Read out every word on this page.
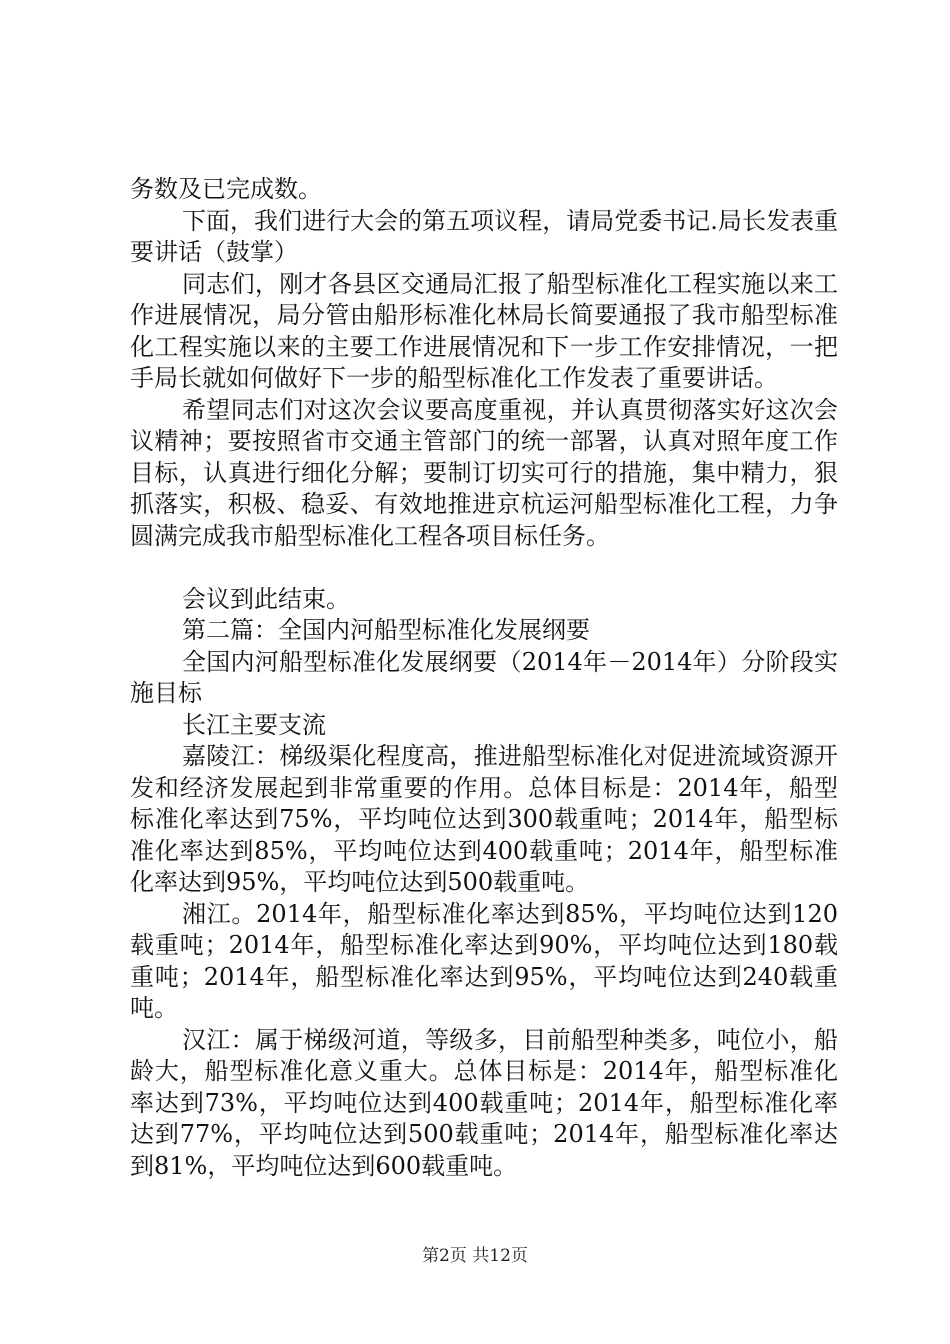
务数及已完成数。

下面，我们进行大会的第五项议程，请局党委书记.局长发表重要讲话（鼓掌）

同志们，刚才各县区交通局汇报了船型标准化工程实施以来工作进展情况，局分管由船形标准化林局长简要通报了我市船型标准化工程实施以来的主要工作进展情况和下一步工作安排情况，一把手局长就如何做好下一步的船型标准化工作发表了重要讲话。

希望同志们对这次会议要高度重视，并认真贯彻落实好这次会议精神；要按照省市交通主管部门的统一部署，认真对照年度工作目标，认真进行细化分解；要制订切实可行的措施，集中精力，狠抓落实，积极、稳妥、有效地推进京杭运河船型标准化工程，力争圆满完成我市船型标准化工程各项目标任务。

会议到此结束。

第二篇：全国内河船型标准化发展纲要

全国内河船型标准化发展纲要（2014年－2014年）分阶段实施目标

长江主要支流

嘉陵江：梯级渠化程度高，推进船型标准化对促进流域资源开发和经济发展起到非常重要的作用。总体目标是：2014年，船型标准化率达到75%，平均吨位达到300载重吨；2014年，船型标准化率达到85%，平均吨位达到400载重吨；2014年，船型标准化率达到95%，平均吨位达到500载重吨。

湘江。2014年，船型标准化率达到85%，平均吨位达到120载重吨；2014年，船型标准化率达到90%，平均吨位达到180载重吨；2014年，船型标准化率达到95%，平均吨位达到240载重吨。

汉江：属于梯级河道，等级多，目前船型种类多，吨位小，船龄大，船型标准化意义重大。总体目标是：2014年，船型标准化率达到73%，平均吨位达到400载重吨；2014年，船型标准化率达到77%，平均吨位达到500载重吨；2014年，船型标准化率达到81%，平均吨位达到600载重吨。

第2页 共12页
